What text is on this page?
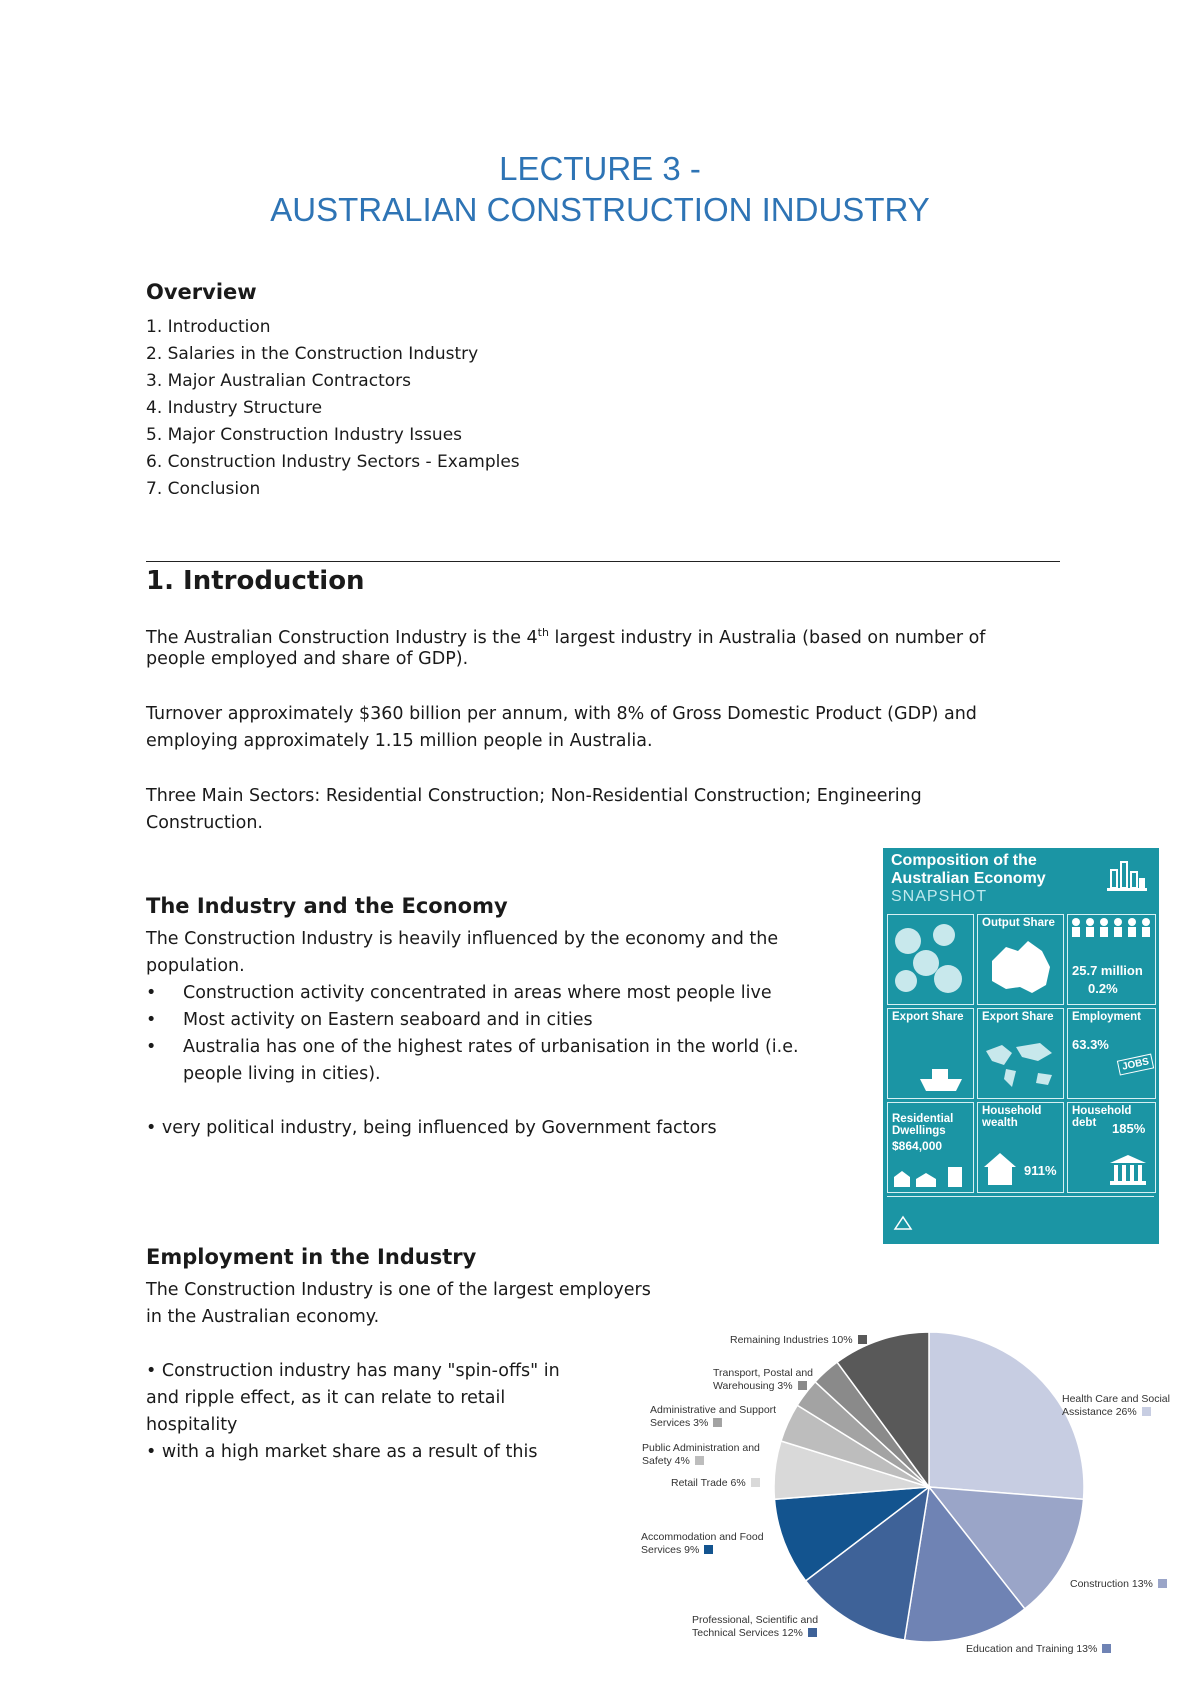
LECTURE 3 -
AUSTRALIAN CONSTRUCTION INDUSTRY
Overview
1. Introduction
2. Salaries in the Construction Industry
3. Major Australian Contractors
4. Industry Structure
5. Major Construction Industry Issues
6. Construction Industry Sectors - Examples
7. Conclusion
1. Introduction
The Australian Construction Industry is the 4th largest industry in Australia (based on number of
people employed and share of GDP).
Turnover approximately $360 billion per annum, with 8% of Gross Domestic Product (GDP) and
employing approximately 1.15 million people in Australia.
Three Main Sectors: Residential Construction; Non-Residential Construction; Engineering
Construction.
The Industry and the Economy
The Construction Industry is heavily influenced by the economy and the
population.
• Construction activity concentrated in areas where most people live
• Most activity on Eastern seaboard and in cities
• Australia has one of the highest rates of urbanisation in the world (i.e.
people living in cities).
• very political industry, being influenced by Government factors
Composition of the
Australian Economy
SNAPSHOT
Output Share
25.7 million
0.2%
Export Share Export Share Employment
63.3%
JOBS
Residential
Dwellings
$864,000
Household
wealth
911%
Household
debt 185%
Employment in the Industry
The Construction Industry is one of the largest employers
in the Australian economy.
• Construction industry has many "spin-offs" in
and ripple effect, as it can relate to retail
hospitality
• with a high market share as a result of this
Health Care and Social
Assistance 26%
Construction 13%
Education and Training 13%
Professional, Scientific and
Technical Services 12%
Accommodation and Food
Services 9%
Retail Trade 6%
Public Administration and
Safety 4%
Administrative and Support
Services 3%
Transport, Postal and
Warehousing 3%
Remaining Industries 10%
